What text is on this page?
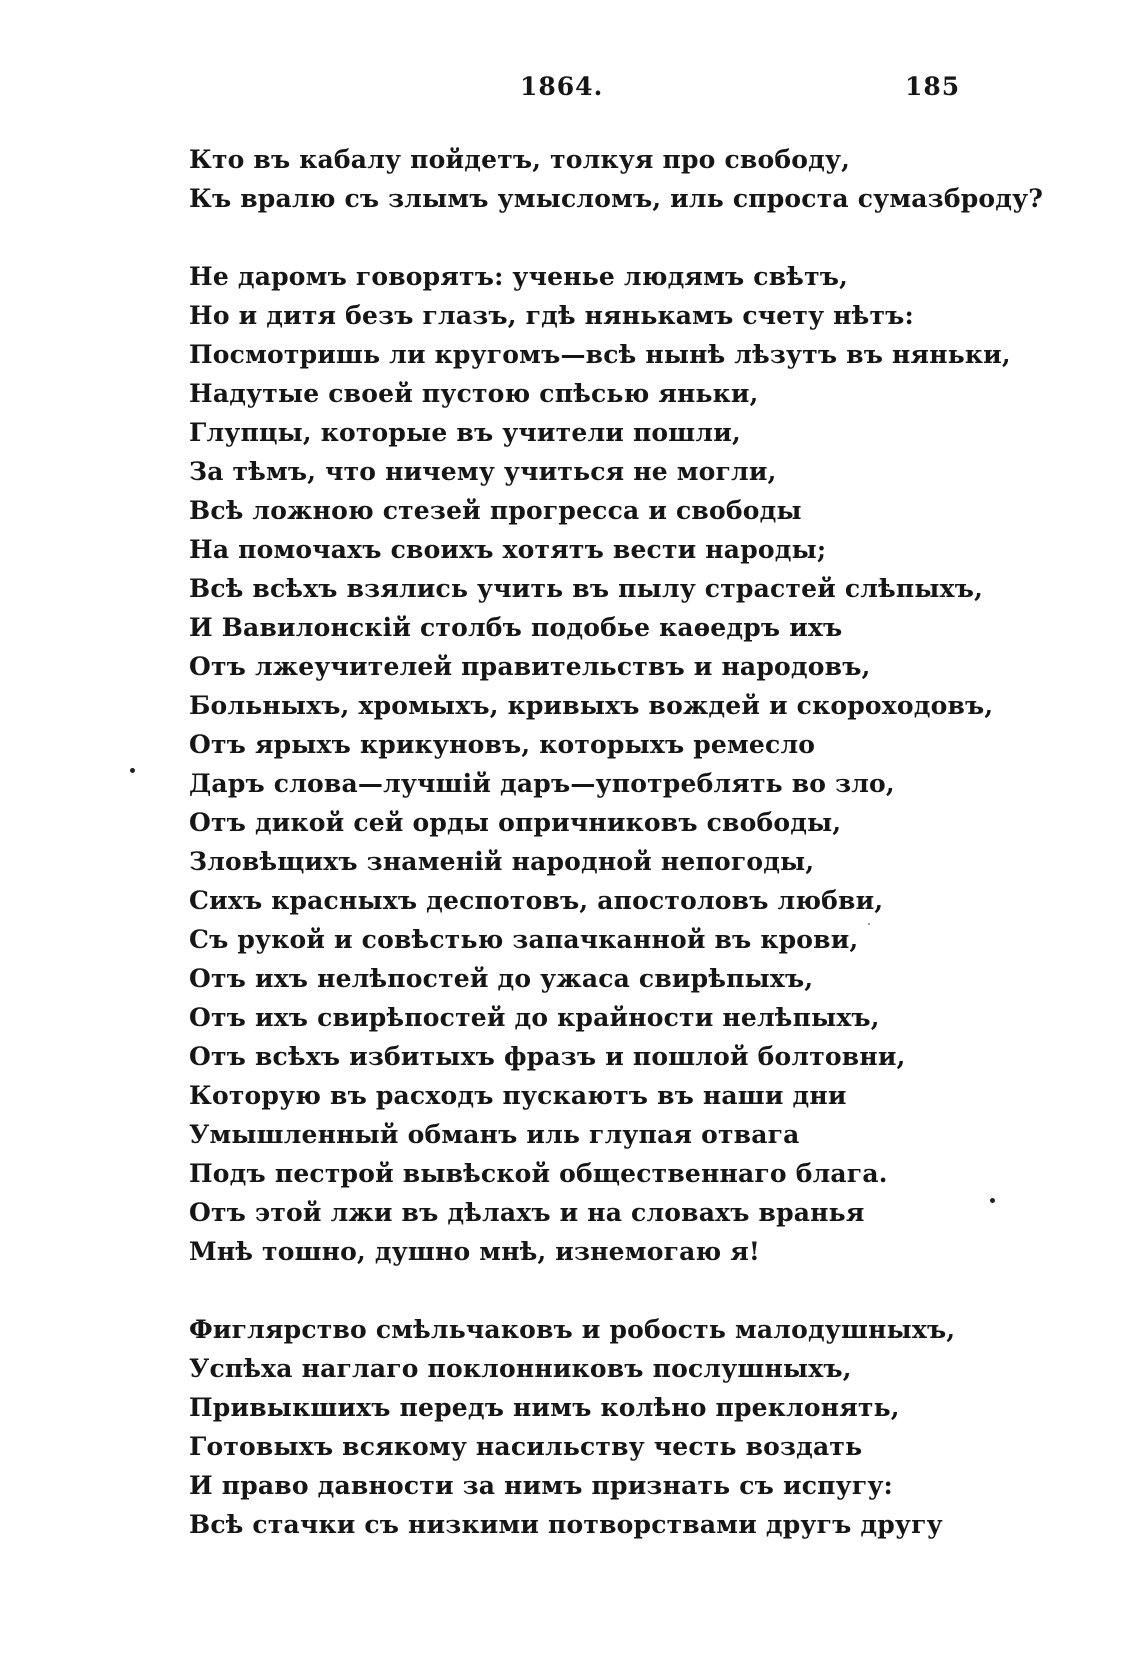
1864.	185
Кто въ кабалу пойдетъ, толкуя про свободу,
Къ вралю съ злымъ умысломъ, иль спроста сумазброду?
Не даромъ говорятъ: ученье людямъ свѣтъ,
Но и дитя безъ глазъ, гдѣ нянькамъ счету нѣтъ:
Посмотришь ли кругомъ—всѣ нынѣ лѣзутъ въ няньки,
Надутые своей пустою спѣсью яньки,
Глупцы, которые въ учители пошли,
За тѣмъ, что ничему учиться не могли,
Всѣ ложною стезей прогресса и свободы
На помочахъ своихъ хотятъ вести народы;
Всѣ всѣхъ взялись учить въ пылу страстей слѣпыхъ,
И Вавилонскій столбъ подобье каѳедръ ихъ
Отъ лжеучителей правительствъ и народовъ,
Больныхъ, хромыхъ, кривыхъ вождей и скороходовъ,
Отъ ярыхъ крикуновъ, которыхъ ремесло
Даръ слова—лучшій даръ—употреблять во зло,
Отъ дикой сей орды опричниковъ свободы,
Зловѣщихъ знаменій народной непогоды,
Сихъ красныхъ деспотовъ, апостоловъ любви,
Съ рукой и совѣстью запачканной въ крови,
Отъ ихъ нелѣпостей до ужаса свирѣпыхъ,
Отъ ихъ свирѣпостей до крайности нелѣпыхъ,
Отъ всѣхъ избитыхъ фразъ и пошлой болтовни,
Которую въ расходъ пускаютъ въ наши дни
Умышленный обманъ иль глупая отвага
Подъ пестрой вывѣской общественнаго блага.
Отъ этой лжи въ дѣлахъ и на словахъ вранья
Мнѣ тошно, душно мнѣ, изнемогаю я!
Фиглярство смѣльчаковъ и робость малодушныхъ,
Успѣха наглаго поклонниковъ послушныхъ,
Привыкшихъ передъ нимъ колѣно преклонять,
Готовыхъ всякому насильству честь воздать
И право давности за нимъ признать съ испугу:
Всѣ стачки съ низкими потворствами другъ другу
